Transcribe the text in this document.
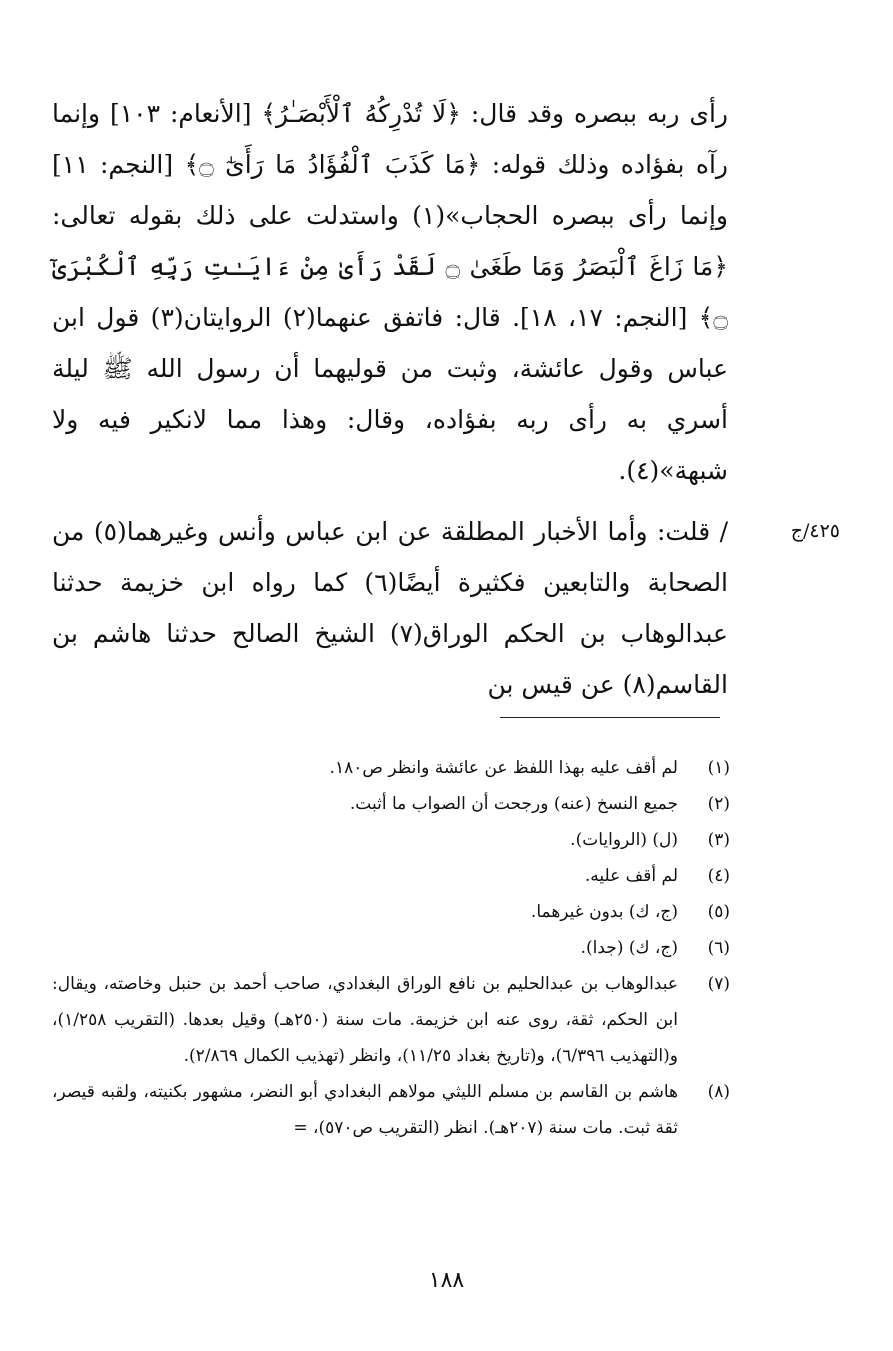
رأى ربه ببصره وقد قال: ﴿لَا تُدْرِكُهُ ٱلْأَبْصَـٰرُ﴾ [الأنعام: ١٠٣] وإنما رآه بفؤاده وذلك قوله: ﴿مَا كَذَبَ ٱلْفُؤَادُ مَا رَأَىٰٓ ۝﴾ [النجم: ١١] وإنما رأى ببصره الحجاب»(١) واستدلت على ذلك بقوله تعالى: ﴿مَا زَاغَ ٱلْبَصَرُ وَمَا طَغَىٰ ۝ لَقَدْ رَأَىٰ مِنْ ءَايَـٰتِ رَبِّهِ ٱلْكُبْرَىٰٓ ۝﴾ [النجم: ١٧، ١٨]. قال: فاتفق عنهما(٢) الروايتان(٣) قول ابن عباس وقول عائشة، وثبت من قوليهما أن رسول الله ﷺ ليلة أسري به رأى ربه بفؤاده، وقال: وهذا مما لانكير فيه ولا شبهة»(٤).

/ قلت: وأما الأخبار المطلقة عن ابن عباس وأنس وغيرهما(٥) من الصحابة والتابعين فكثيرة أيضًا(٦) كما رواه ابن خزيمة حدثنا عبدالوهاب بن الحكم الوراق(٧) الشيخ الصالح حدثنا هاشم بن القاسم(٨) عن قيس بن

٤٢٥/ج
(١)
لم أقف عليه بهذا اللفظ عن عائشة وانظر ص١٨٠.
(٢)
جميع النسخ (عنه) ورجحت أن الصواب ما أثبت.
(٣)
(ل) (الروايات).
(٤)
لم أقف عليه.
(٥)
(ج، ك) بدون غيرهما.
(٦)
(ج، ك) (جدا).
(٧)
عبدالوهاب بن عبدالحليم بن نافع الوراق البغدادي، صاحب أحمد بن حنبل وخاصته، ويقال: ابن الحكم، ثقة، روى عنه ابن خزيمة. مات سنة (٢٥٠هـ) وقيل بعدها. (التقريب ١/٢٥٨)، و(التهذيب ٦/٣٩٦)، و(تاريخ بغداد ١١/٢٥)، وانظر (تهذيب الكمال ٢/٨٦٩).
(٨)
هاشم بن القاسم بن مسلم الليثي مولاهم البغدادي أبو النضر، مشهور بكنيته، ولقبه قيصر، ثقة ثبت. مات سنة (٢٠٧هـ). انظر (التقريب ص٥٧٠)، =
١٨٨
